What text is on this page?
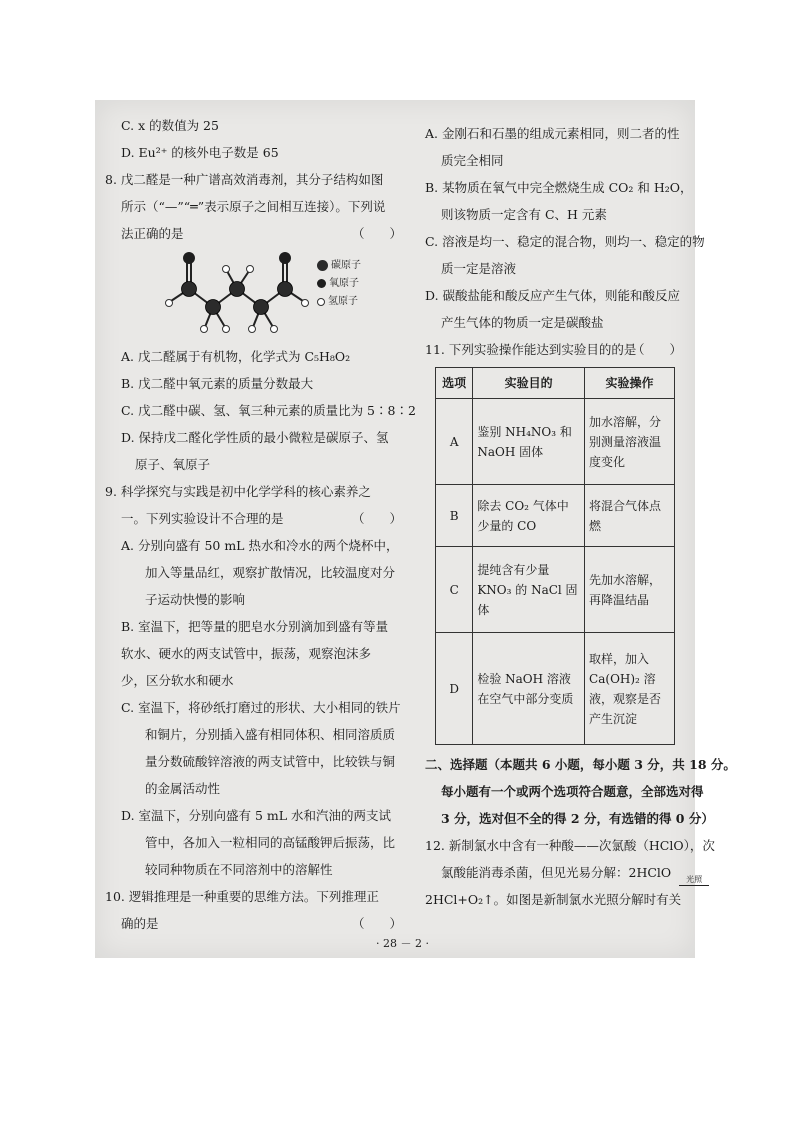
C. x 的数值为 25
D. Eu²⁺ 的核外电子数是 65
8. 戊二醛是一种广谱高效消毒剂，其分子结构如图
所示（“—”“═”表示原子之间相互连接）。下列说
法正确的是	（　　）
碳原子
氧原子
氢原子
A. 戊二醛属于有机物，化学式为 C₅H₈O₂
B. 戊二醛中氧元素的质量分数最大
C. 戊二醛中碳、氢、氧三种元素的质量比为 5∶8∶2
D. 保持戊二醛化学性质的最小微粒是碳原子、氢
原子、氧原子
9. 科学探究与实践是初中化学学科的核心素养之
一。下列实验设计不合理的是	（　　）
A. 分别向盛有 50 mL 热水和冷水的两个烧杯中，
加入等量品红，观察扩散情况，比较温度对分
子运动快慢的影响
B. 室温下，把等量的肥皂水分别滴加到盛有等量
软水、硬水的两支试管中，振荡，观察泡沫多
少，区分软水和硬水
C. 室温下，将砂纸打磨过的形状、大小相同的铁片
和铜片，分别插入盛有相同体积、相同溶质质
量分数硫酸锌溶液的两支试管中，比较铁与铜
的金属活动性
D. 室温下，分别向盛有 5 mL 水和汽油的两支试
管中，各加入一粒相同的高锰酸钾后振荡，比
较同种物质在不同溶剂中的溶解性
10. 逻辑推理是一种重要的思维方法。下列推理正
确的是	（　　）
A. 金刚石和石墨的组成元素相同，则二者的性
质完全相同
B. 某物质在氧气中完全燃烧生成 CO₂ 和 H₂O，
则该物质一定含有 C、H 元素
C. 溶液是均一、稳定的混合物，则均一、稳定的物
质一定是溶液
D. 碳酸盐能和酸反应产生气体，则能和酸反应
产生气体的物质一定是碳酸盐
11. 下列实验操作能达到实验目的的是
（　　）
选项	实验目的	实验操作
A	鉴别 NH₄NO₃ 和 NaOH 固体	加水溶解，分别测量溶液温度变化
B	除去 CO₂ 气体中少量的 CO	将混合气体点燃
C	提纯含有少量 KNO₃ 的 NaCl 固体	先加水溶解，再降温结晶
D	检验 NaOH 溶液在空气中部分变质	取样，加入 Ca(OH)₂ 溶液，观察是否产生沉淀
二、选择题（本题共 6 小题，每小题 3 分，共 18 分。
每小题有一个或两个选项符合题意，全部选对得
3 分，选对但不全的得 2 分，有选错的得 0 分）
12. 新制氯水中含有一种酸——次氯酸（HClO），次
氯酸能消毒杀菌，但见光易分解：2HClO 光照
2HCl+O₂↑。如图是新制氯水光照分解时有关
· 28 － 2 ·
